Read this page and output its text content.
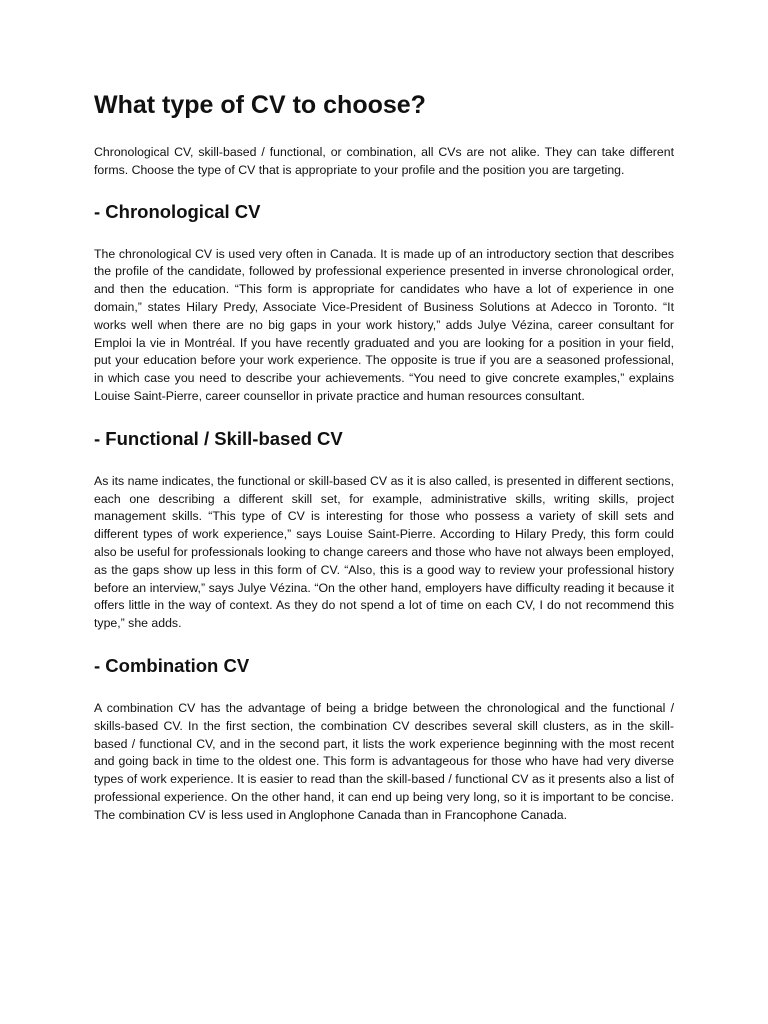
What type of CV to choose?

Chronological CV, skill-based / functional, or combination, all CVs are not alike. They can take different forms. Choose the type of CV that is appropriate to your profile and the position you are targeting.

- Chronological CV

The chronological CV is used very often in Canada. It is made up of an introductory section that describes the profile of the candidate, followed by professional experience presented in inverse chronological order, and then the education. “This form is appropriate for candidates who have a lot of experience in one domain,” states Hilary Predy, Associate Vice-President of Business Solutions at Adecco in Toronto. “It works well when there are no big gaps in your work history,” adds Julye Vézina, career consultant for Emploi la vie in Montréal. If you have recently graduated and you are looking for a position in your field, put your education before your work experience. The opposite is true if you are a seasoned professional, in which case you need to describe your achievements. “You need to give concrete examples,” explains Louise Saint-Pierre, career counsellor in private practice and human resources consultant.

- Functional / Skill-based CV

As its name indicates, the functional or skill-based CV as it is also called, is presented in different sections, each one describing a different skill set, for example, administrative skills, writing skills, project management skills. “This type of CV is interesting for those who possess a variety of skill sets and different types of work experience,” says Louise Saint-Pierre. According to Hilary Predy, this form could also be useful for professionals looking to change careers and those who have not always been employed, as the gaps show up less in this form of CV. “Also, this is a good way to review your professional history before an interview,” says Julye Vézina. “On the other hand, employers have difficulty reading it because it offers little in the way of context. As they do not spend a lot of time on each CV, I do not recommend this type,” she adds.

- Combination CV

A combination CV has the advantage of being a bridge between the chronological and the functional / skills-based CV. In the first section, the combination CV describes several skill clusters, as in the skill-based / functional CV, and in the second part, it lists the work experience beginning with the most recent and going back in time to the oldest one. This form is advantageous for those who have had very diverse types of work experience. It is easier to read than the skill-based / functional CV as it presents also a list of professional experience. On the other hand, it can end up being very long, so it is important to be concise. The combination CV is less used in Anglophone Canada than in Francophone Canada.
